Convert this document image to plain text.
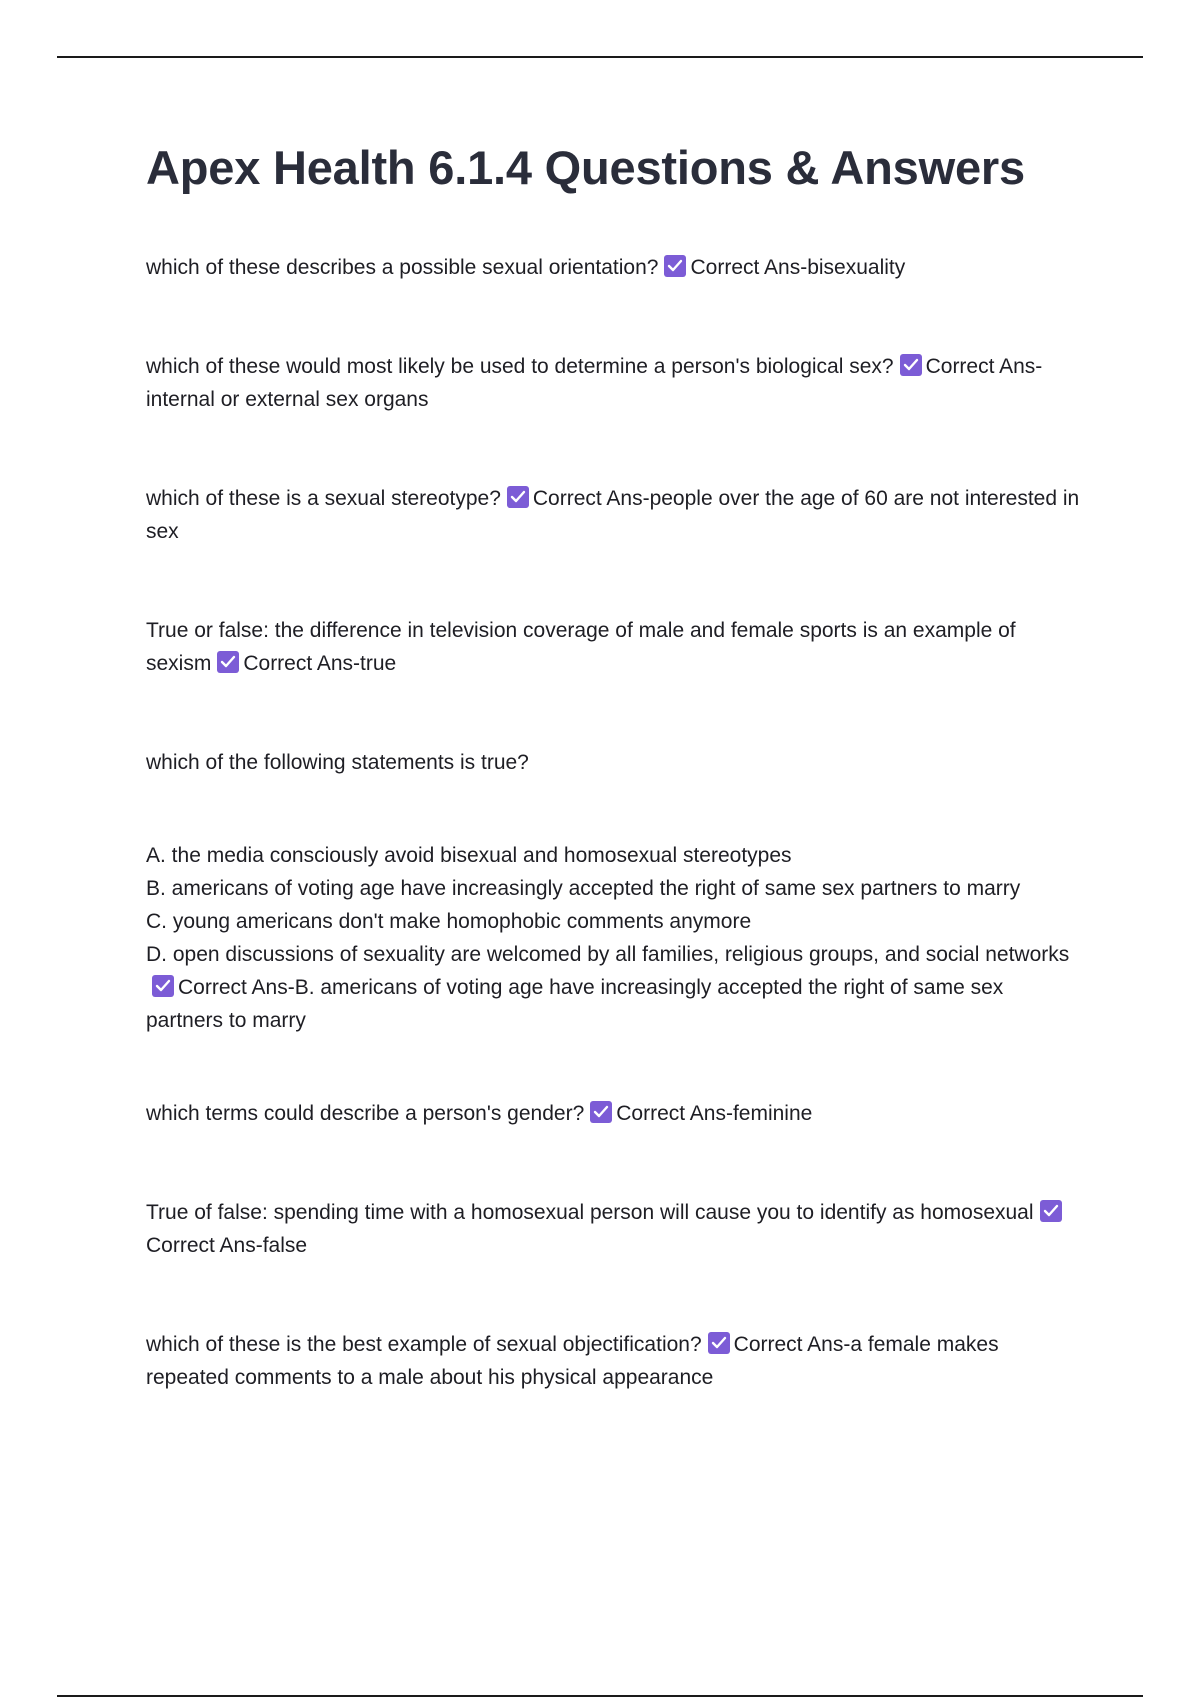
Apex Health 6.1.4 Questions & Answers

which of these describes a possible sexual orientation? Correct Ans-bisexuality

which of these would most likely be used to determine a person's biological sex? Correct Ans-internal or external sex organs

which of these is a sexual stereotype? Correct Ans-people over the age of 60 are not interested in sex

True or false: the difference in television coverage of male and female sports is an example of sexism Correct Ans-true

which of the following statements is true?

A. the media consciously avoid bisexual and homosexual stereotypes

B. americans of voting age have increasingly accepted the right of same sex partners to marry

C. young americans don't make homophobic comments anymore

D. open discussions of sexuality are welcomed by all families, religious groups, and social networks
Correct Ans-B. americans of voting age have increasingly accepted the right of same sex partners to marry

which terms could describe a person's gender? Correct Ans-feminine

True of false: spending time with a homosexual person will cause you to identify as homosexual
Correct Ans-false

which of these is the best example of sexual objectification? Correct Ans-a female makes repeated comments to a male about his physical appearance
